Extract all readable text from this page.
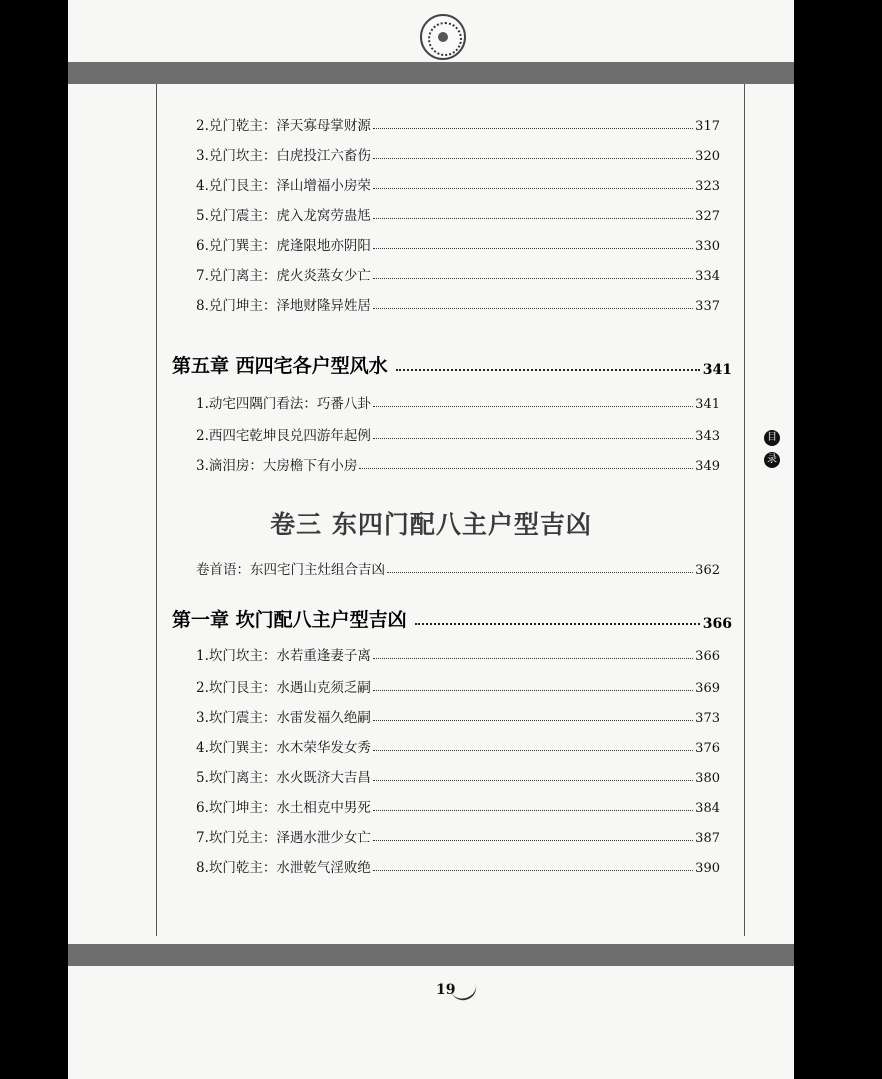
2.兑门乾主：泽天寡母掌财源	317
3.兑门坎主：白虎投江六畜伤	320
4.兑门艮主：泽山增福小房荣	323
5.兑门震主：虎入龙窝劳蛊尪	327
6.兑门巽主：虎逢限地亦阴阳	330
7.兑门离主：虎火炎蒸女少亡	334
8.兑门坤主：泽地财隆异姓居	337
第五章 西四宅各户型风水	341
1.动宅四隅门看法：巧番八卦	341
2.西四宅乾坤艮兑四游年起例	343
3.滴泪房：大房檐下有小房	349
卷三 东四门配八主户型吉凶
卷首语：东四宅门主灶组合吉凶	362
第一章 坎门配八主户型吉凶	366
1.坎门坎主：水若重逢妻子离	366
2.坎门艮主：水遇山克须乏嗣	369
3.坎门震主：水雷发福久绝嗣	373
4.坎门巽主：水木荣华发女秀	376
5.坎门离主：水火既济大吉昌	380
6.坎门坤主：水土相克中男死	384
7.坎门兑主：泽遇水泄少女亡	387
8.坎门乾主：水泄乾气淫败绝	390
目
录
19
